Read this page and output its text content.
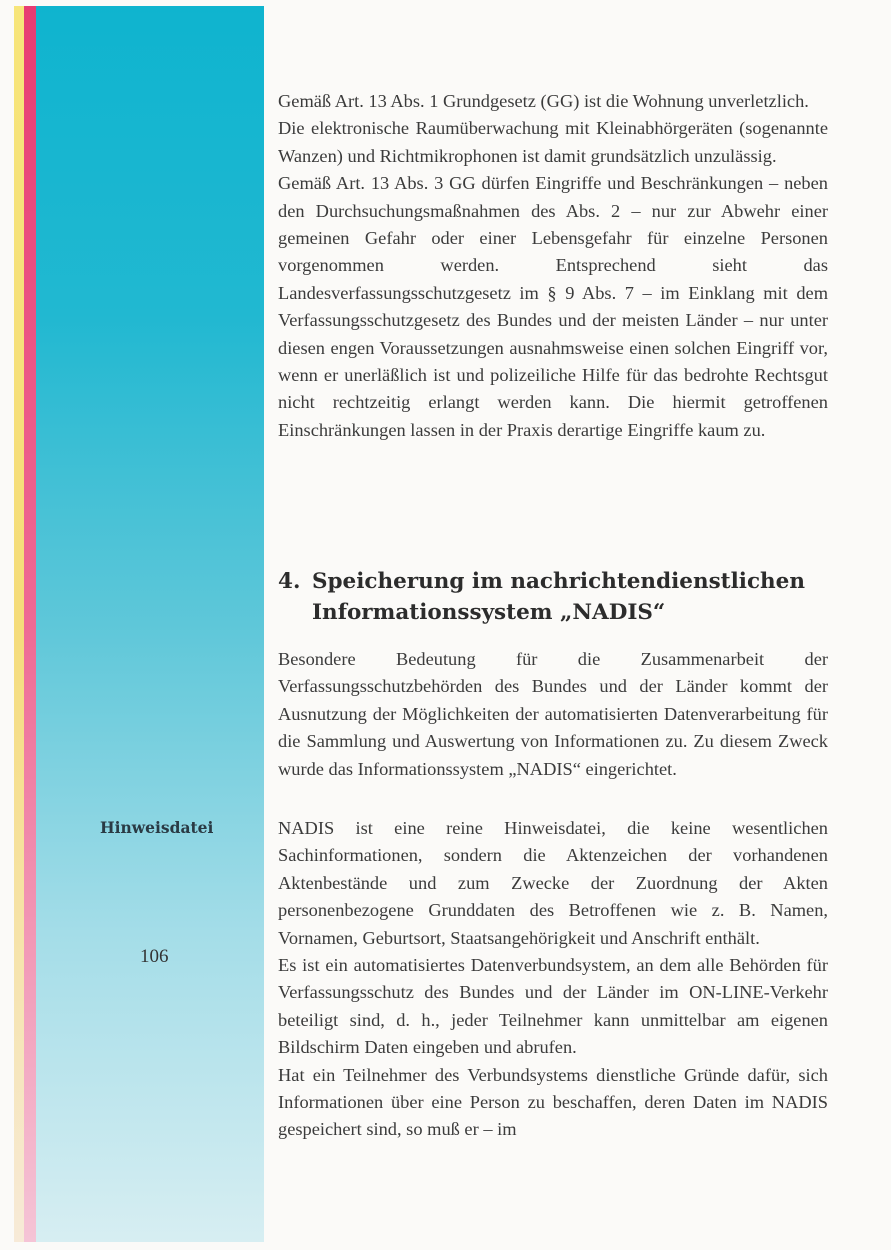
Hinweisdatei
106

Gemäß Art. 13 Abs. 1 Grundgesetz (GG) ist die Wohnung unverletzlich.

Die elektronische Raumüberwachung mit Kleinabhörgeräten (sogenannte Wanzen) und Richtmikrophonen ist damit grundsätzlich unzulässig.

Gemäß Art. 13 Abs. 3 GG dürfen Eingriffe und Beschränkungen – neben den Durchsuchungsmaßnahmen des Abs. 2 – nur zur Abwehr einer gemeinen Gefahr oder einer Lebensgefahr für einzelne Personen vorgenommen werden. Entsprechend sieht das Landesverfassungsschutzgesetz im § 9 Abs. 7 – im Einklang mit dem Verfassungsschutzgesetz des Bundes und der meisten Länder – nur unter diesen engen Voraussetzungen ausnahmsweise einen solchen Eingriff vor, wenn er unerläßlich ist und polizeiliche Hilfe für das bedrohte Rechtsgut nicht rechtzeitig erlangt werden kann. Die hiermit getroffenen Einschränkungen lassen in der Praxis derartige Eingriffe kaum zu.

4. Speicherung im nachrichtendienstlichen
Informationssystem „NADIS“

Besondere Bedeutung für die Zusammenarbeit der Verfassungsschutzbehörden des Bundes und der Länder kommt der Ausnutzung der Möglichkeiten der automatisierten Datenverarbeitung für die Sammlung und Auswertung von Informationen zu. Zu diesem Zweck wurde das Informationssystem „NADIS“ eingerichtet.

NADIS ist eine reine Hinweisdatei, die keine wesentlichen Sachinformationen, sondern die Aktenzeichen der vorhandenen Aktenbestände und zum Zwecke der Zuordnung der Akten personenbezogene Grunddaten des Betroffenen wie z. B. Namen, Vornamen, Geburtsort, Staatsangehörigkeit und Anschrift enthält.

Es ist ein automatisiertes Datenverbundsystem, an dem alle Behörden für Verfassungsschutz des Bundes und der Länder im ON-LINE-Verkehr beteiligt sind, d. h., jeder Teilnehmer kann unmittelbar am eigenen Bildschirm Daten eingeben und abrufen.

Hat ein Teilnehmer des Verbundsystems dienstliche Gründe dafür, sich Informationen über eine Person zu beschaffen, deren Daten im NADIS gespeichert sind, so muß er – im
